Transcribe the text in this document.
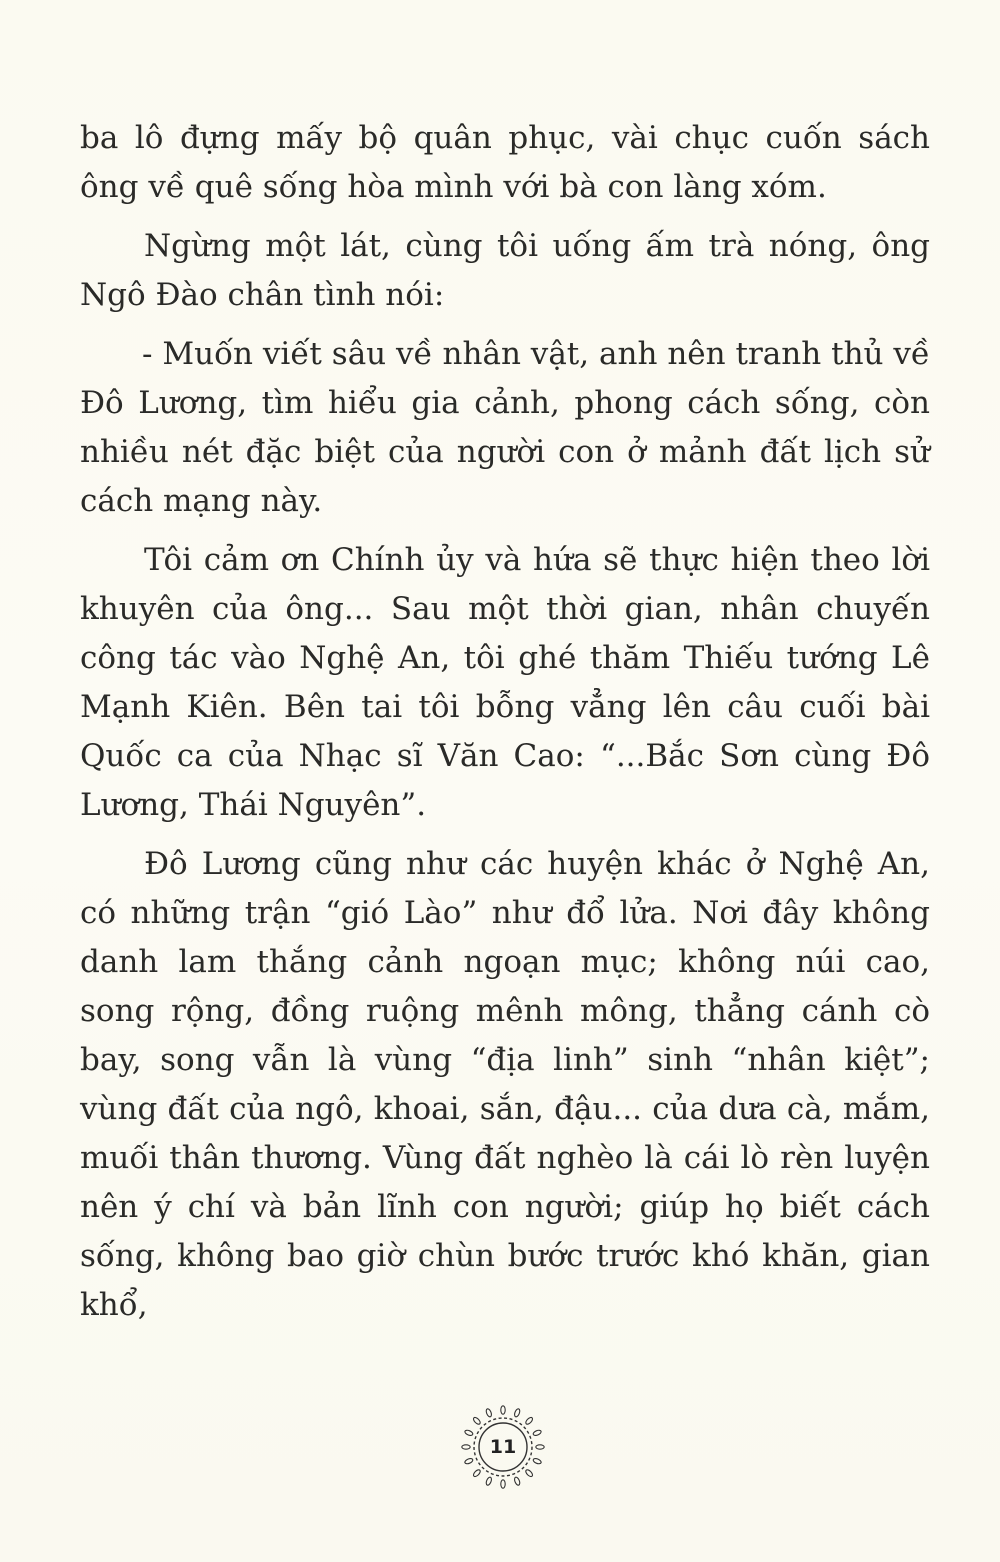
ba lô đựng mấy bộ quân phục, vài chục cuốn sách ông về quê sống hòa mình với bà con làng xóm.

Ngừng một lát, cùng tôi uống ấm trà nóng, ông Ngô Đào chân tình nói:

- Muốn viết sâu về nhân vật, anh nên tranh thủ về Đô Lương, tìm hiểu gia cảnh, phong cách sống, còn nhiều nét đặc biệt của người con ở mảnh đất lịch sử cách mạng này.

Tôi cảm ơn Chính ủy và hứa sẽ thực hiện theo lời khuyên của ông... Sau một thời gian, nhân chuyến công tác vào Nghệ An, tôi ghé thăm Thiếu tướng Lê Mạnh Kiên. Bên tai tôi bỗng vẳng lên câu cuối bài Quốc ca của Nhạc sĩ Văn Cao: “...Bắc Sơn cùng Đô Lương, Thái Nguyên”.

Đô Lương cũng như các huyện khác ở Nghệ An, có những trận “gió Lào” như đổ lửa. Nơi đây không danh lam thắng cảnh ngoạn mục; không núi cao, song rộng, đồng ruộng mênh mông, thẳng cánh cò bay, song vẫn là vùng “địa linh” sinh “nhân kiệt”; vùng đất của ngô, khoai, sắn, đậu... của dưa cà, mắm, muối thân thương. Vùng đất nghèo là cái lò rèn luyện nên ý chí và bản lĩnh con người; giúp họ biết cách sống, không bao giờ chùn bước trước khó khăn, gian khổ,

11
